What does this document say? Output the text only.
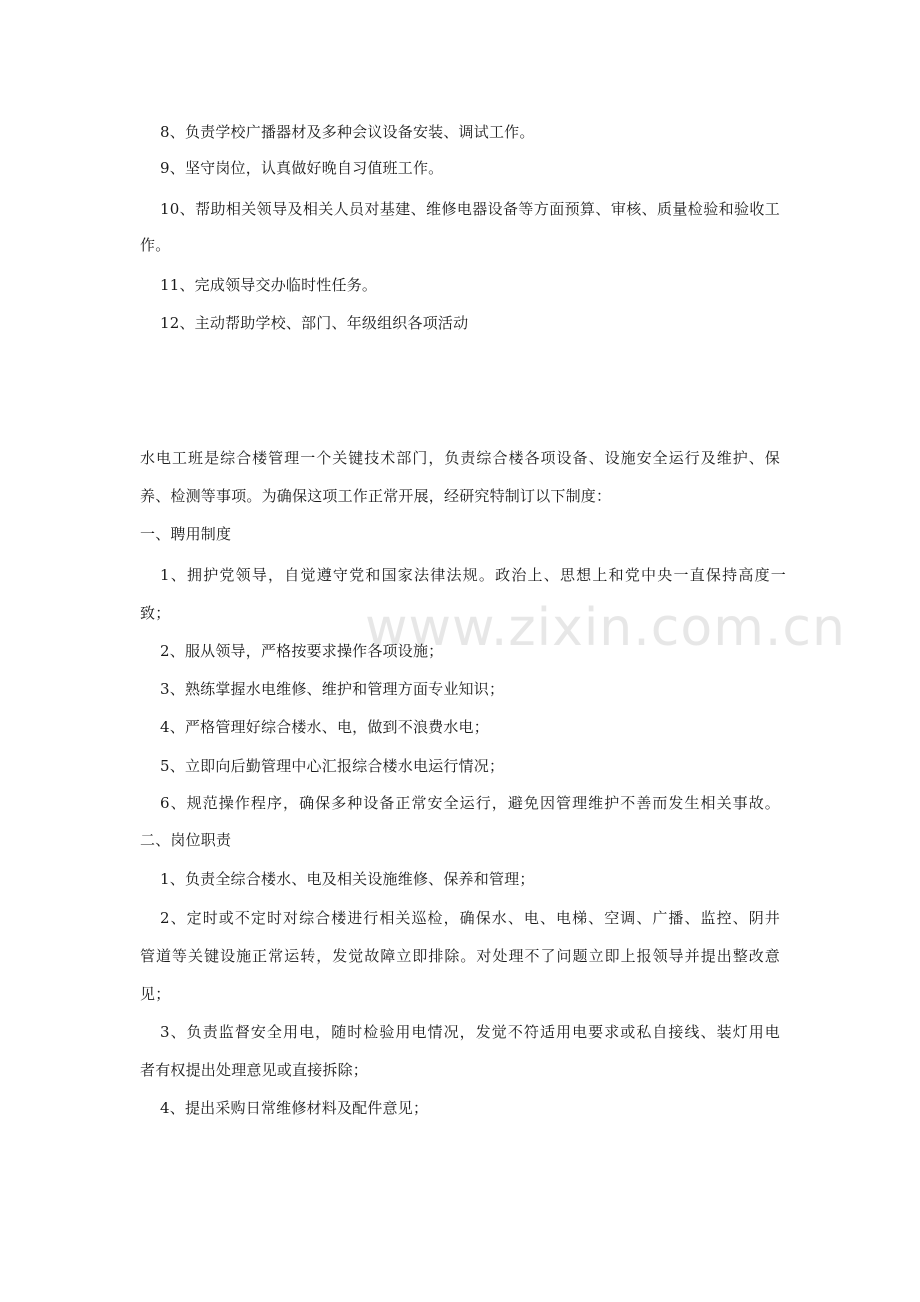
www.zixin.com.cn
8、负责学校广播器材及多种会议设备安装、调试工作。
9、坚守岗位，认真做好晚自习值班工作。
10、帮助相关领导及相关人员对基建、维修电器设备等方面预算、审核、质量检验和验收工
作。
11、完成领导交办临时性任务。
12、主动帮助学校、部门、年级组织各项活动
水电工班是综合楼管理一个关键技术部门，负责综合楼各项设备、设施安全运行及维护、保
养、检测等事项。为确保这项工作正常开展，经研究特制订以下制度：
一、聘用制度
1、拥护党领导，自觉遵守党和国家法律法规。政治上、思想上和党中央一直保持高度一
致；
2、服从领导，严格按要求操作各项设施；
3、熟练掌握水电维修、维护和管理方面专业知识；
4、严格管理好综合楼水、电，做到不浪费水电；
5、立即向后勤管理中心汇报综合楼水电运行情况；
6、规范操作程序，确保多种设备正常安全运行，避免因管理维护不善而发生相关事故。
二、岗位职责
1、负责全综合楼水、电及相关设施维修、保养和管理；
2、定时或不定时对综合楼进行相关巡检，确保水、电、电梯、空调、广播、监控、阴井
管道等关键设施正常运转，发觉故障立即排除。对处理不了问题立即上报领导并提出整改意
见；
3、负责监督安全用电，随时检验用电情况，发觉不符适用电要求或私自接线、装灯用电
者有权提出处理意见或直接拆除；
4、提出采购日常维修材料及配件意见；
